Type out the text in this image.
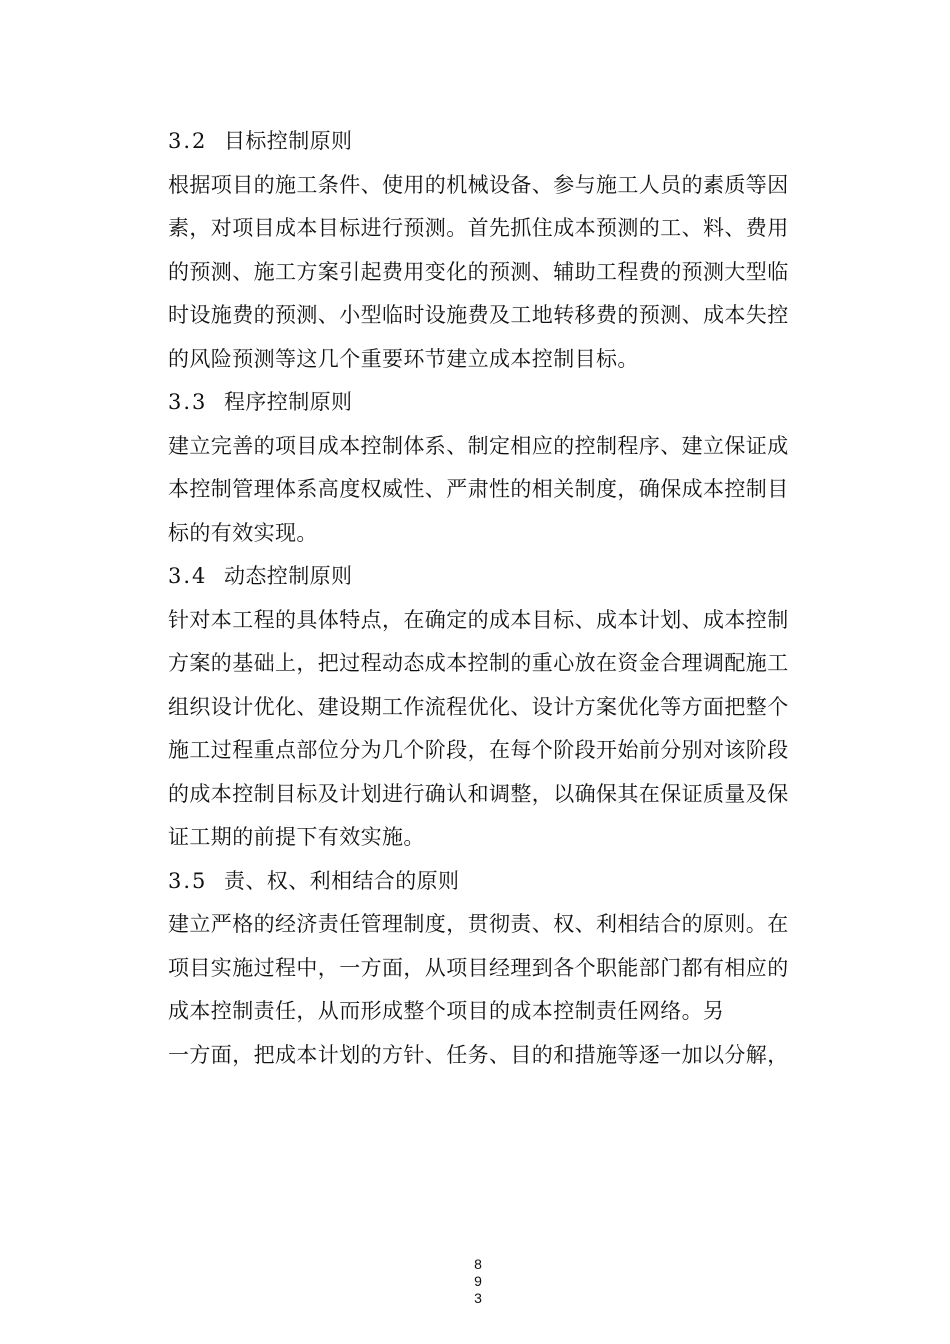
3.2 目标控制原则
根据项目的施工条件、使用的机械设备、参与施工人员的素质等因
素，对项目成本目标进行预测。首先抓住成本预测的工、料、费用
的预测、施工方案引起费用变化的预测、辅助工程费的预测大型临
时设施费的预测、小型临时设施费及工地转移费的预测、成本失控
的风险预测等这几个重要环节建立成本控制目标。
3.3 程序控制原则
建立完善的项目成本控制体系、制定相应的控制程序、建立保证成
本控制管理体系高度权威性、严肃性的相关制度，确保成本控制目
标的有效实现。
3.4 动态控制原则
针对本工程的具体特点，在确定的成本目标、成本计划、成本控制
方案的基础上，把过程动态成本控制的重心放在资金合理调配施工
组织设计优化、建设期工作流程优化、设计方案优化等方面把整个
施工过程重点部位分为几个阶段，在每个阶段开始前分别对该阶段
的成本控制目标及计划进行确认和调整，以确保其在保证质量及保
证工期的前提下有效实施。
3.5 责、权、利相结合的原则
建立严格的经济责任管理制度，贯彻责、权、利相结合的原则。在
项目实施过程中，一方面，从项目经理到各个职能部门都有相应的
成本控制责任，从而形成整个项目的成本控制责任网络。另
一方面，把成本计划的方针、任务、目的和措施等逐一加以分解，
8
9
3
